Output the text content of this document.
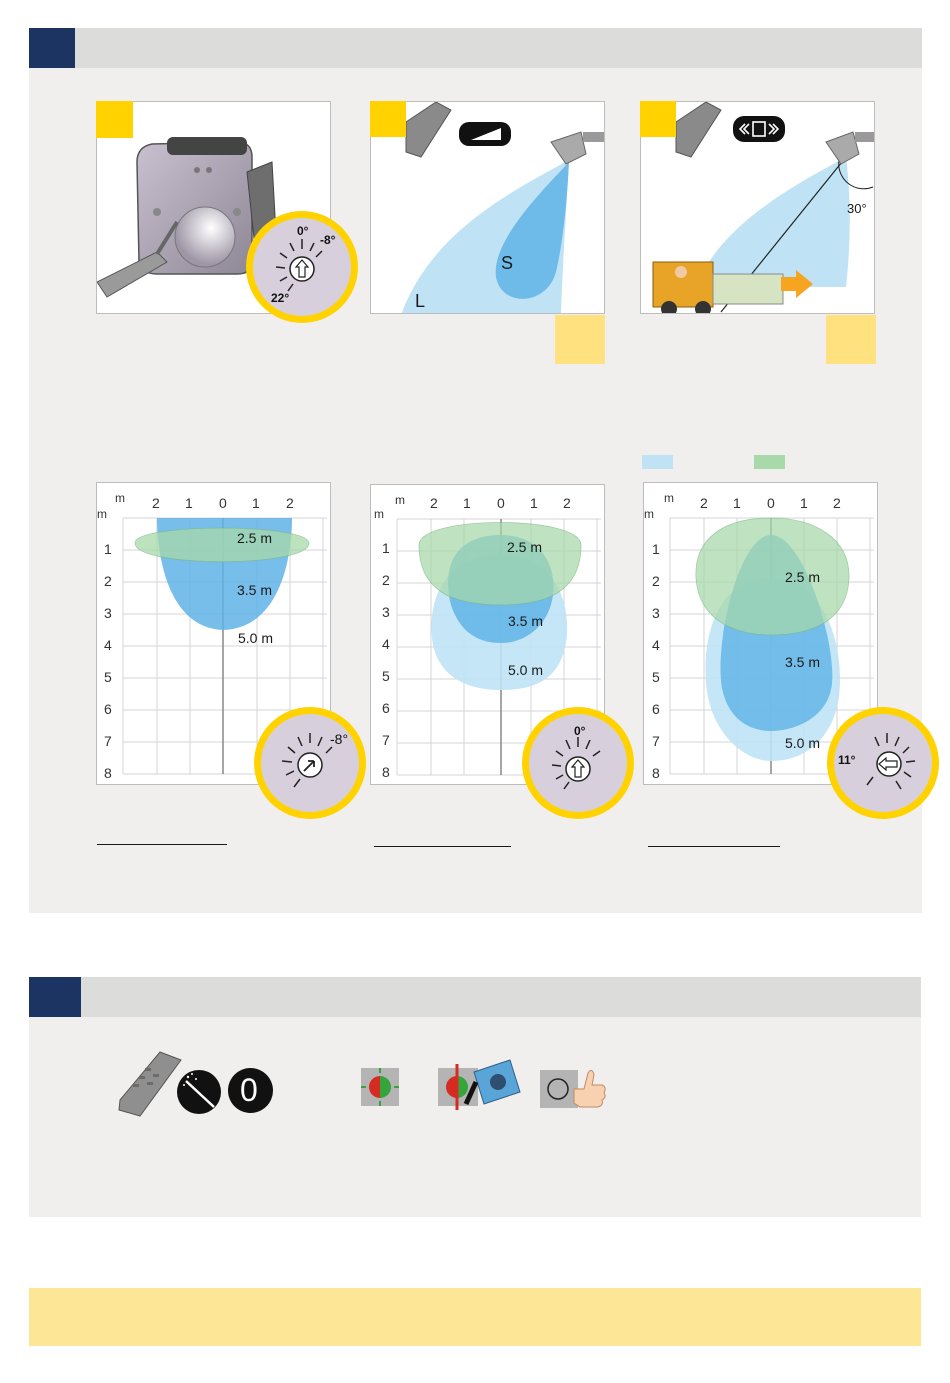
0°
-8°
22°
S
L
30°
m 2 1 0 1 2
m
1
2
3
4
5
6
7
8
2.5 m
3.5 m
5.0 m
-8°
m 2 1 0 1 2
m
1
2
3
4
5
6
7
8
2.5 m
3.5 m
5.0 m
0°
m 2 1 0 1 2
m
1
2
3
4
5
6
7
8
2.5 m
3.5 m
5.0 m
11°
0
